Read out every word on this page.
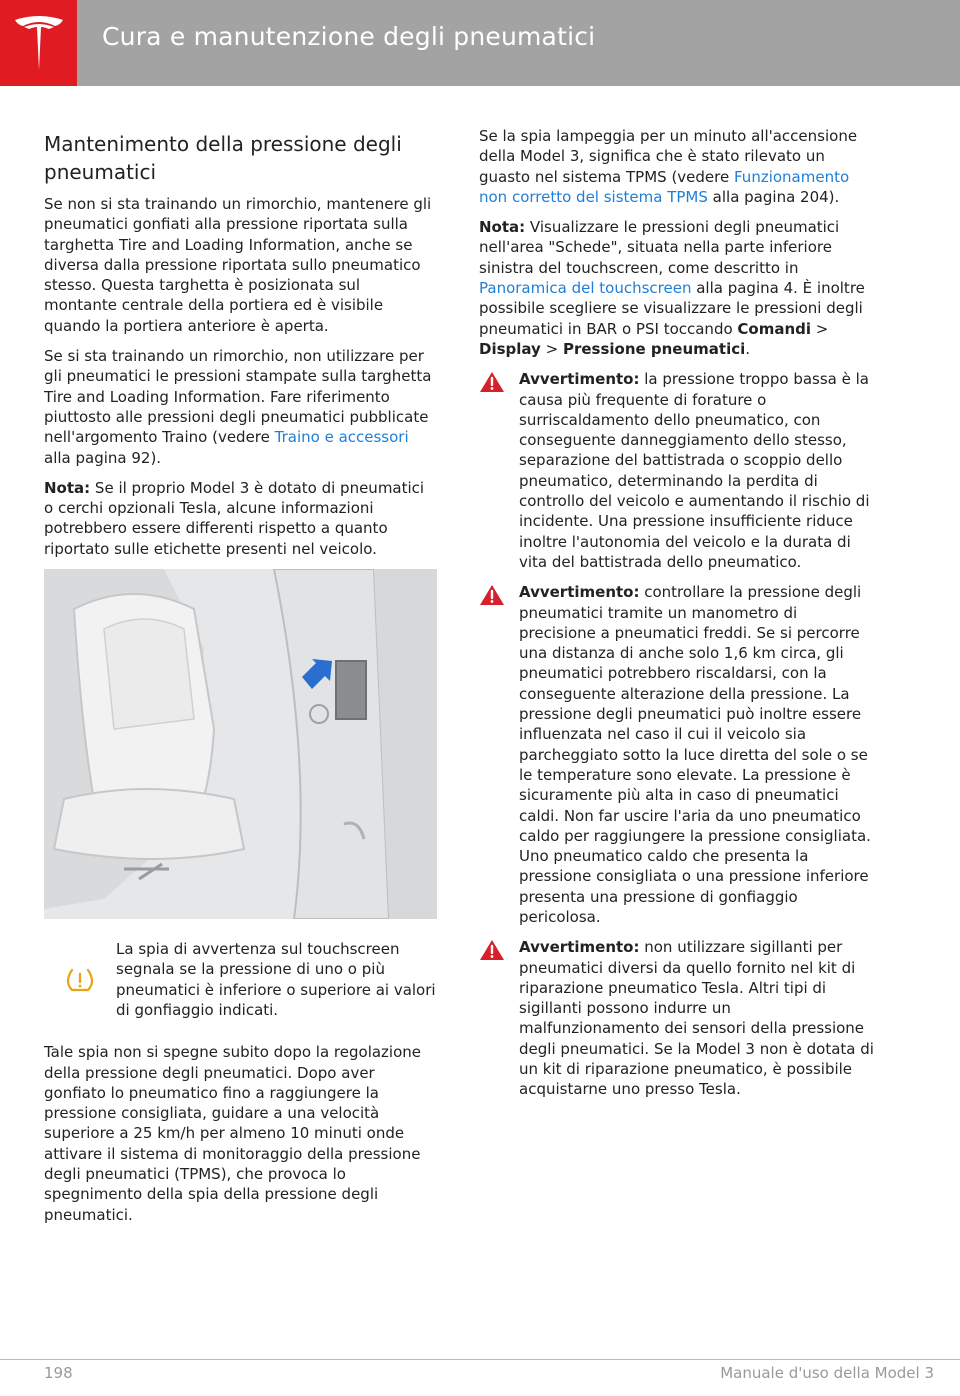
Cura e manutenzione degli pneumatici
Mantenimento della pressione degli pneumatici

Se non si sta trainando un rimorchio, mantenere gli pneumatici gonfiati alla pressione riportata sulla targhetta Tire and Loading Information, anche se diversa dalla pressione riportata sullo pneumatico stesso. Questa targhetta è posizionata sul montante centrale della portiera ed è visibile quando la portiera anteriore è aperta.

Se si sta trainando un rimorchio, non utilizzare per gli pneumatici le pressioni stampate sulla targhetta Tire and Loading Information. Fare riferimento piuttosto alle pressioni degli pneumatici pubblicate nell'argomento Traino (vedere Traino e accessori alla pagina 92).

Nota: Se il proprio Model 3 è dotato di pneumatici o cerchi opzionali Tesla, alcune informazioni potrebbero essere differenti rispetto a quanto riportato sulle etichette presenti nel veicolo.

La spia di avvertenza sul touchscreen segnala se la pressione di uno o più pneumatici è inferiore o superiore ai valori di gonfiaggio indicati.

Tale spia non si spegne subito dopo la regolazione della pressione degli pneumatici. Dopo aver gonfiato lo pneumatico fino a raggiungere la pressione consigliata, guidare a una velocità superiore a 25 km/h per almeno 10 minuti onde attivare il sistema di monitoraggio della pressione degli pneumatici (TPMS), che provoca lo spegnimento della spia della pressione degli pneumatici.

Se la spia lampeggia per un minuto all'accensione della Model 3, significa che è stato rilevato un guasto nel sistema TPMS (vedere Funzionamento non corretto del sistema TPMS alla pagina 204).

Nota: Visualizzare le pressioni degli pneumatici nell'area "Schede", situata nella parte inferiore sinistra del touchscreen, come descritto in Panoramica del touchscreen alla pagina 4. È inoltre possibile scegliere se visualizzare le pressioni degli pneumatici in BAR o PSI toccando Comandi > Display > Pressione pneumatici.

Avvertimento: la pressione troppo bassa è la causa più frequente di forature o surriscaldamento dello pneumatico, con conseguente danneggiamento dello stesso, separazione del battistrada o scoppio dello pneumatico, determinando la perdita di controllo del veicolo e aumentando il rischio di incidente. Una pressione insufficiente riduce inoltre l'autonomia del veicolo e la durata di vita del battistrada dello pneumatico.
Avvertimento: controllare la pressione degli pneumatici tramite un manometro di precisione a pneumatici freddi. Se si percorre una distanza di anche solo 1,6 km circa, gli pneumatici potrebbero riscaldarsi, con la conseguente alterazione della pressione. La pressione degli pneumatici può inoltre essere influenzata nel caso il cui il veicolo sia parcheggiato sotto la luce diretta del sole o se le temperature sono elevate. La pressione è sicuramente più alta in caso di pneumatici caldi. Non far uscire l'aria da uno pneumatico caldo per raggiungere la pressione consigliata. Uno pneumatico caldo che presenta la pressione consigliata o una pressione inferiore presenta una pressione di gonfiaggio pericolosa.
Avvertimento: non utilizzare sigillanti per pneumatici diversi da quello fornito nel kit di riparazione pneumatico Tesla. Altri tipi di sigillanti possono indurre un malfunzionamento dei sensori della pressione degli pneumatici. Se la Model 3 non è dotata di un kit di riparazione pneumatico, è possibile acquistarne uno presso Tesla.
198	Manuale d'uso della Model 3
